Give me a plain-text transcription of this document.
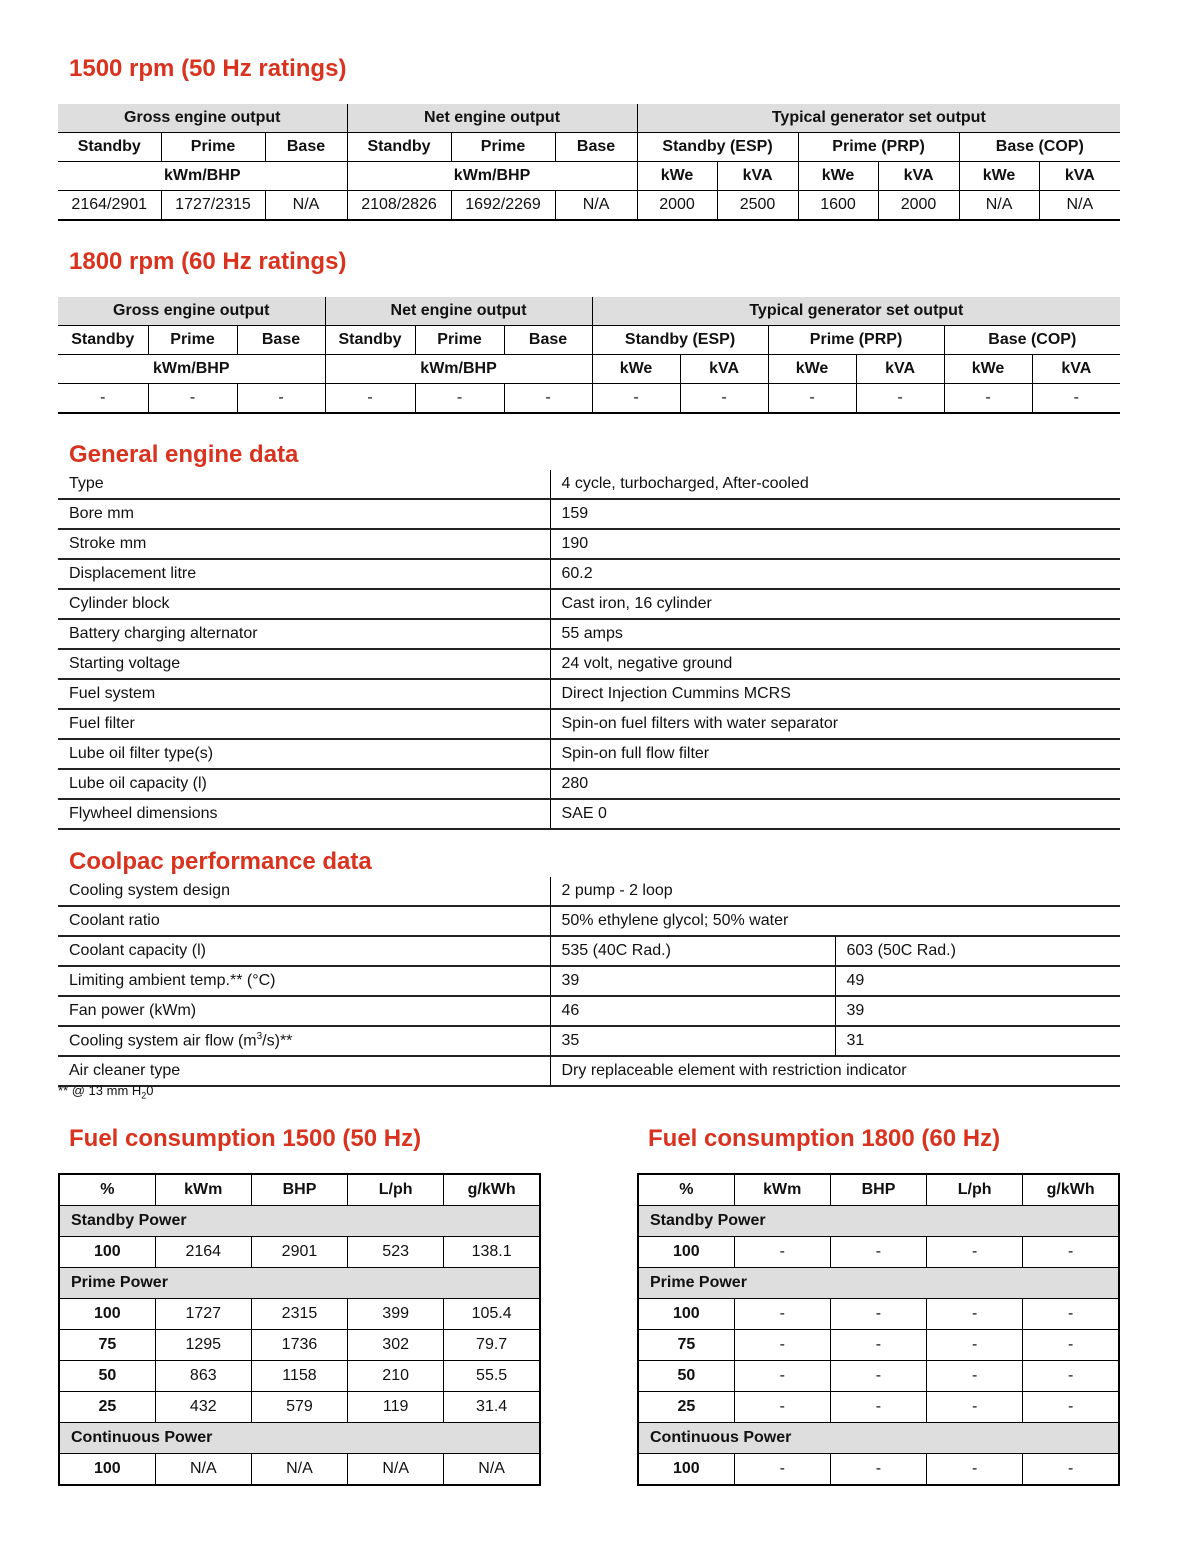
1500 rpm (50 Hz ratings)
Gross engine output			Net engine output			Typical generator set output					
Standby	Prime	Base	Standby	Prime	Base	Standby (ESP)		Prime (PRP)		Base (COP)	
kWm/BHP			kWm/BHP			kWe	kVA	kWe	kVA	kWe	kVA
2164/2901	1727/2315	N/A	2108/2826	1692/2269	N/A	2000	2500	1600	2000	N/A	N/A
1800 rpm (60 Hz ratings)
Gross engine output			Net engine output			Typical generator set output					
Standby	Prime	Base	Standby	Prime	Base	Standby (ESP)		Prime (PRP)		Base (COP)	
kWm/BHP			kWm/BHP			kWe	kVA	kWe	kVA	kWe	kVA
-	-	-	-	-	-	-	-	-	-	-	-
General engine data
Type	4 cycle, turbocharged, After-cooled
Bore mm	159
Stroke mm	190
Displacement litre	60.2
Cylinder block	Cast iron, 16 cylinder
Battery charging alternator	55 amps
Starting voltage	24 volt, negative ground
Fuel system	Direct Injection Cummins MCRS
Fuel filter	Spin-on fuel filters with water separator
Lube oil filter type(s)	Spin-on full flow filter
Lube oil capacity (l)	280
Flywheel dimensions	SAE 0
Coolpac performance data
Cooling system design	2 pump - 2 loop	
Coolant ratio	50% ethylene glycol; 50% water	
Coolant capacity (l)	535 (40C Rad.)	603 (50C Rad.)
Limiting ambient temp.** (°C)	39	49
Fan power (kWm)	46	39
Cooling system air flow $(m^3/s)**$	35	31
Air cleaner type	Dry replaceable element with restriction indicator	

** @ 13 mm $H_20$

Fuel consumption 1500 (50 Hz)
%	kWm	BHP	L/ph	g/kWh
Standby Power				
100	2164	2901	523	138.1
Prime Power				
100	1727	2315	399	105.4
75	1295	1736	302	79.7
50	863	1158	210	55.5
25	432	579	119	31.4
Continuous Power				
100	N/A	N/A	N/A	N/A
Fuel consumption 1800 (60 Hz)
%	kWm	BHP	L/ph	g/kWh
Standby Power				
100	-	-	-	-
Prime Power				
100	-	-	-	-
75	-	-	-	-
50	-	-	-	-
25	-	-	-	-
Continuous Power				
100	-	-	-	-
